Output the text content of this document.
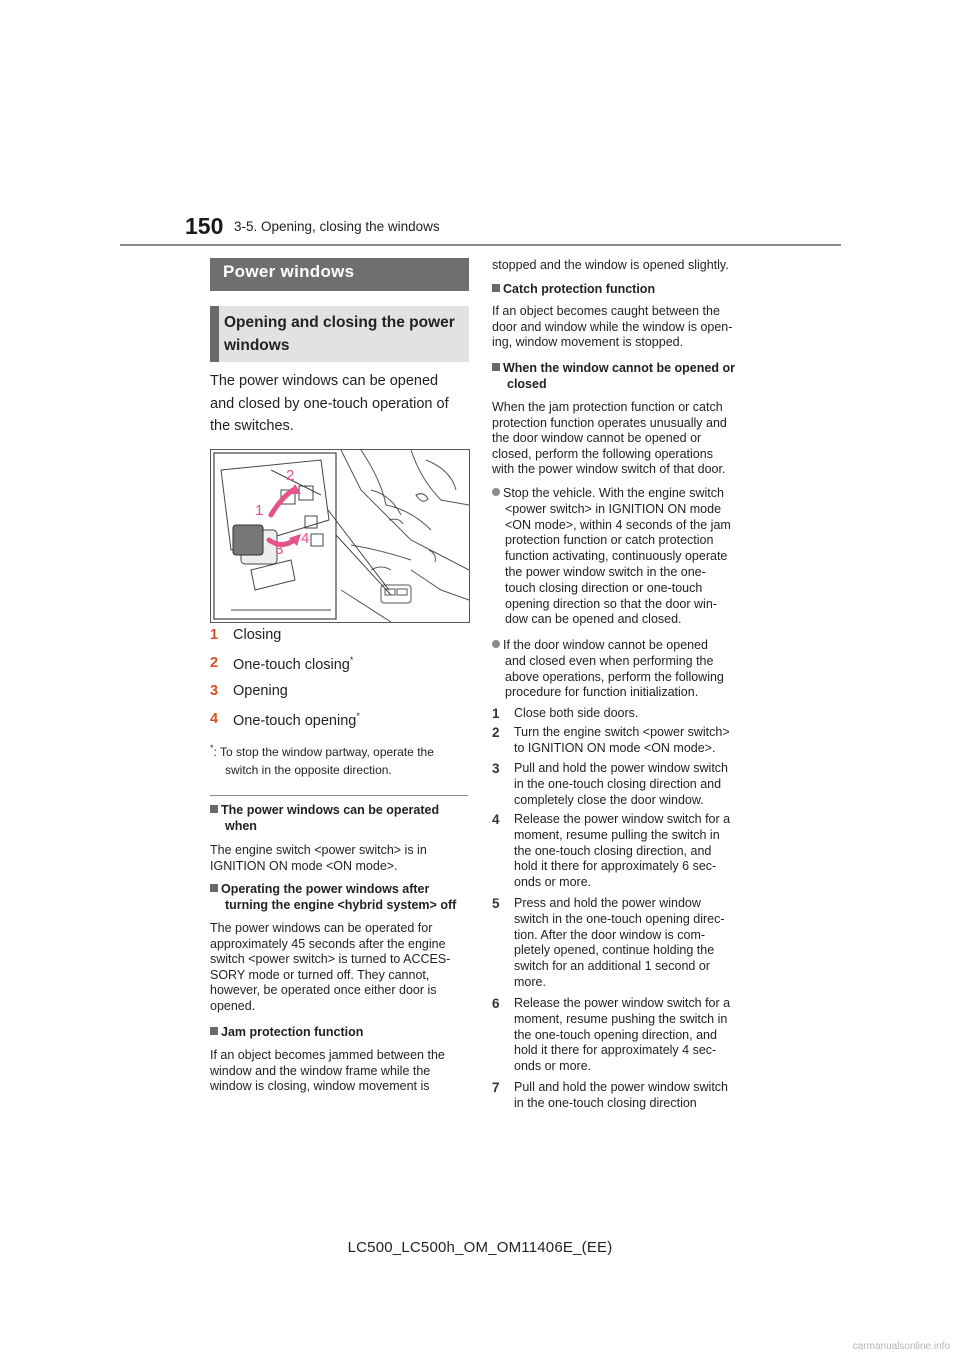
150 3-5. Opening, closing the windows
Power windows
Opening and closing the power
windows
The power windows can be opened
and closed by one-touch operation of
the switches.
2
1
3
4
1 Closing
2 One-touch closing*
3 Opening
4 One-touch opening*
*: To stop the window partway, operate the
switch in the opposite direction.
The power windows can be operated
when
The engine switch <power switch> is in
IGNITION ON mode <ON mode>.
Operating the power windows after
turning the engine <hybrid system> off
The power windows can be operated for
approximately 45 seconds after the engine
switch <power switch> is turned to ACCES-
SORY mode or turned off. They cannot,
however, be operated once either door is
opened.
Jam protection function
If an object becomes jammed between the
window and the window frame while the
window is closing, window movement is
stopped and the window is opened slightly.
Catch protection function
If an object becomes caught between the
door and window while the window is open-
ing, window movement is stopped.
When the window cannot be opened or
closed
When the jam protection function or catch
protection function operates unusually and
the door window cannot be opened or
closed, perform the following operations
with the power window switch of that door.
Stop the vehicle. With the engine switch
<power switch> in IGNITION ON mode
<ON mode>, within 4 seconds of the jam
protection function or catch protection
function activating, continuously operate
the power window switch in the one-
touch closing direction or one-touch
opening direction so that the door win-
dow can be opened and closed.
If the door window cannot be opened
and closed even when performing the
above operations, perform the following
procedure for function initialization.
1 Close both side doors.
2 Turn the engine switch <power switch>
to IGNITION ON mode <ON mode>.
3 Pull and hold the power window switch
in the one-touch closing direction and
completely close the door window.
4 Release the power window switch for a
moment, resume pulling the switch in
the one-touch closing direction, and
hold it there for approximately 6 sec-
onds or more.
5 Press and hold the power window
switch in the one-touch opening direc-
tion. After the door window is com-
pletely opened, continue holding the
switch for an additional 1 second or
more.
6 Release the power window switch for a
moment, resume pushing the switch in
the one-touch opening direction, and
hold it there for approximately 4 sec-
onds or more.
7 Pull and hold the power window switch
in the one-touch closing direction
LC500_LC500h_OM_OM11406E_(EE)
carmanualsonline.info
